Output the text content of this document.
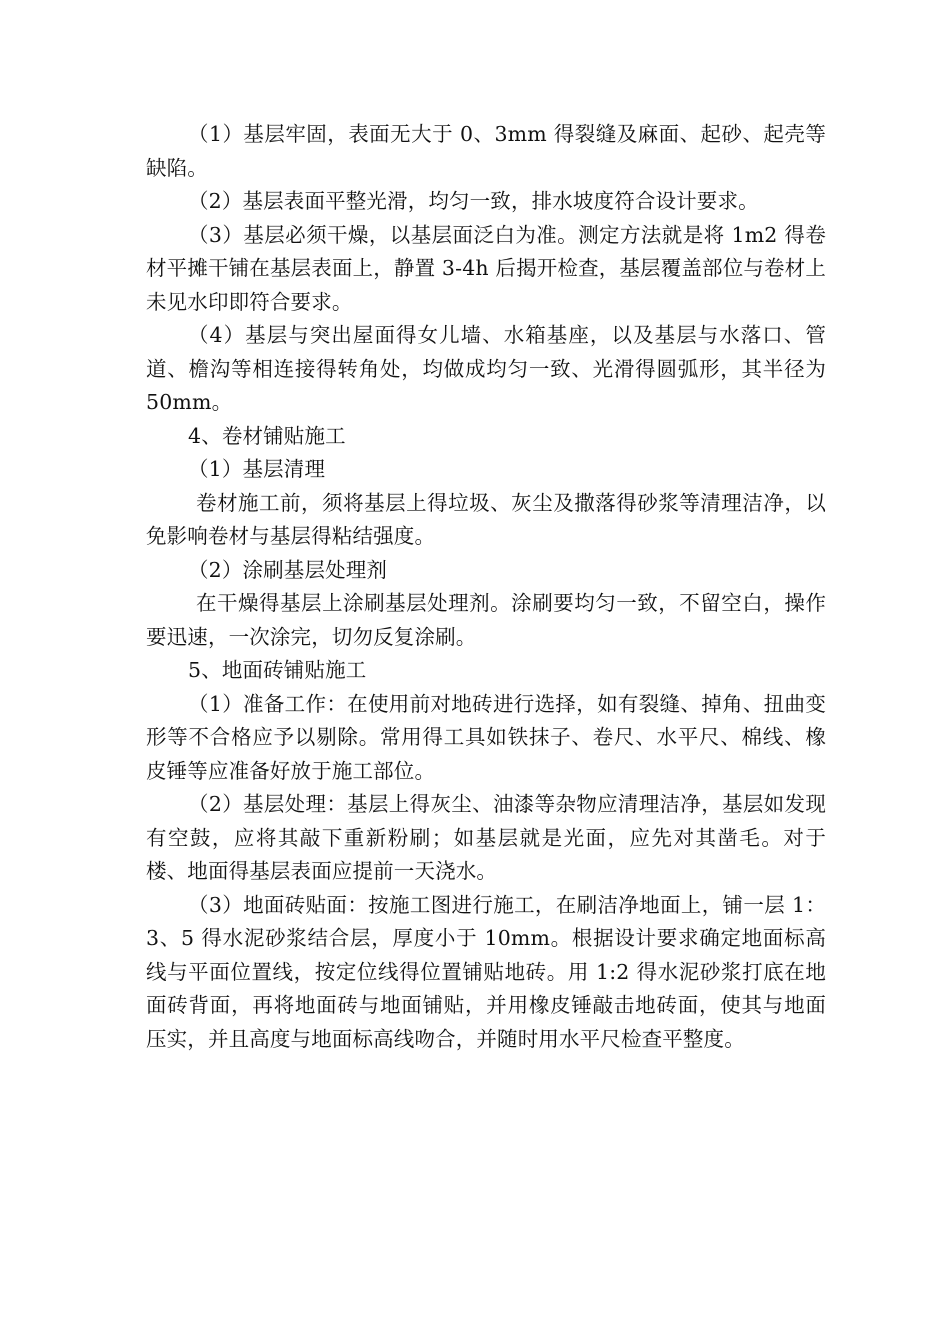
（1）基层牢固，表面无大于 0、3mm 得裂缝及麻面、起砂、起壳等缺陷。

（2）基层表面平整光滑，均匀一致，排水坡度符合设计要求。

（3）基层必须干燥，以基层面泛白为准。测定方法就是将 1m2 得卷材平摊干铺在基层表面上，静置 3-4h 后揭开检查，基层覆盖部位与卷材上未见水印即符合要求。

（4）基层与突出屋面得女儿墙、水箱基座，以及基层与水落口、管道、檐沟等相连接得转角处，均做成均匀一致、光滑得圆弧形，其半径为 50mm。

4、卷材铺贴施工

（1）基层清理

卷材施工前，须将基层上得垃圾、灰尘及撒落得砂浆等清理洁净，以免影响卷材与基层得粘结强度。

（2）涂刷基层处理剂

在干燥得基层上涂刷基层处理剂。涂刷要均匀一致，不留空白，操作要迅速，一次涂完，切勿反复涂刷。

5、地面砖铺贴施工

（1）准备工作：在使用前对地砖进行选择，如有裂缝、掉角、扭曲变形等不合格应予以剔除。常用得工具如铁抹子、卷尺、水平尺、棉线、橡皮锤等应准备好放于施工部位。

（2）基层处理：基层上得灰尘、油漆等杂物应清理洁净，基层如发现有空鼓，应将其敲下重新粉刷；如基层就是光面，应先对其凿毛。对于楼、地面得基层表面应提前一天浇水。

（3）地面砖贴面：按施工图进行施工，在刷洁净地面上，铺一层 1：3、5 得水泥砂浆结合层，厚度小于 10mm。根据设计要求确定地面标高线与平面位置线，按定位线得位置铺贴地砖。用 1:2 得水泥砂浆打底在地面砖背面，再将地面砖与地面铺贴，并用橡皮锤敲击地砖面，使其与地面压实，并且高度与地面标高线吻合，并随时用水平尺检查平整度。
